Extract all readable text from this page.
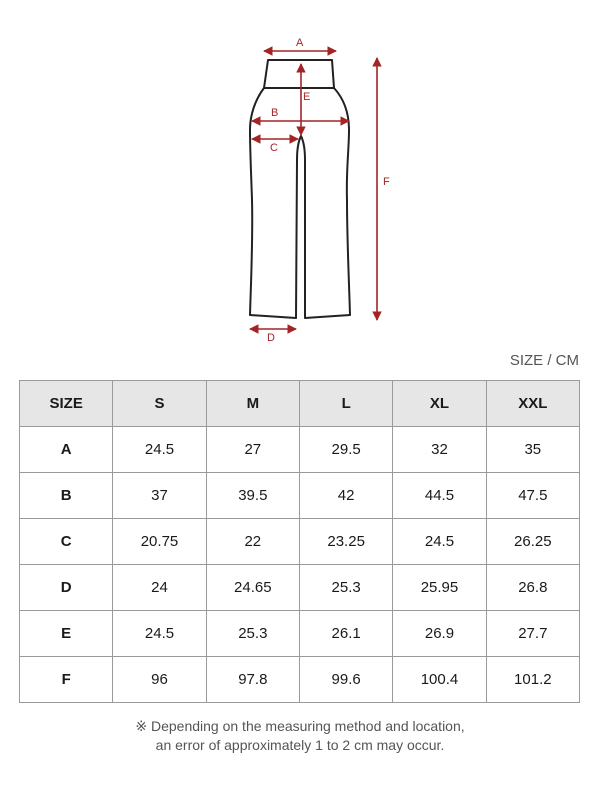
A
E
B
C
D
F
SIZE / CM
SIZE	S	M	L	XL	XXL
A	24.5	27	29.5	32	35
B	37	39.5	42	44.5	47.5
C	20.75	22	23.25	24.5	26.25
D	24	24.65	25.3	25.95	26.8
E	24.5	25.3	26.1	26.9	27.7
F	96	97.8	99.6	100.4	101.2
※ Depending on the measuring method and location,
an error of approximately 1 to 2 cm may occur.
